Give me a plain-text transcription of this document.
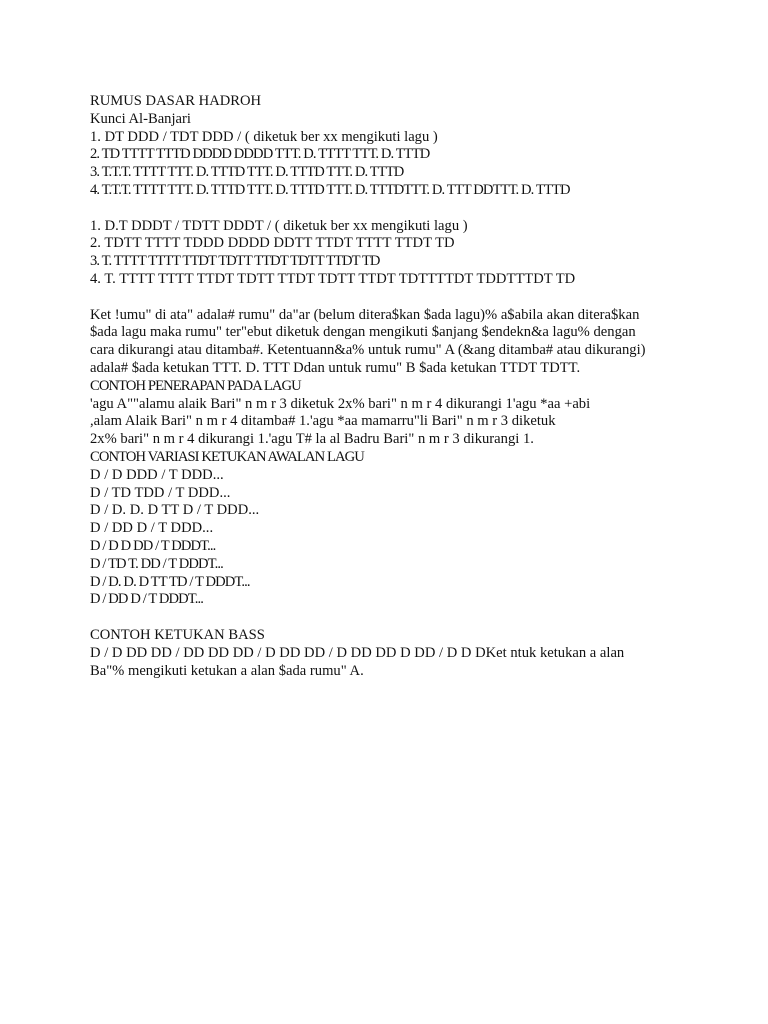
RUMUS DASAR HADROH
Kunci Al-Banjari
1. DT DDD / TDT DDD / ( diketuk ber xx mengikuti lagu )
2. TD TTTT TTTD DDDD DDDD TTT. D. TTTT TTT. D. TTTD
3. T.T.T. TTTT TTT. D. TTTD TTT. D. TTTD TTT. D. TTTD
4. T.T.T. TTTT TTT. D. TTTD TTT. D. TTTD TTT. D. TTTDTTT. D. TTT DDTTT. D. TTTD
1. D.T DDDT / TDTT DDDT / ( diketuk ber xx mengikuti lagu )
2. TDTT TTTT TDDD DDDD DDTT TTDT TTTT TTDT TD
3. T. TTTT TTTT TTDT TDTT TTDT TDTT TTDT TD
4. T. TTTT TTTT TTDT TDTT TTDT TDTT TTDT TDTTTTDT TDDTTTDT TD
Ket !umu" di ata" adala# rumu" da"ar (belum ditera$kan $ada lagu)% a$abila akan ditera$kan
$ada lagu maka rumu" ter"ebut diketuk dengan mengikuti $anjang $endekn&a lagu% dengan
cara dikurangi atau ditamba#. Ketentuann&a% untuk rumu" A (&ang ditamba# atau dikurangi)
adala# $ada ketukan TTT. D. TTT Ddan untuk rumu" B $ada ketukan TTDT TDTT.
CONTOH PENERAPAN PADA LAGU
'agu A""alamu alaik Bari" n m r 3 diketuk 2x% bari" n m r 4 dikurangi 1'agu *aa +abi
,alam Alaik Bari" n m r 4 ditamba# 1.'agu *aa mamarru"li Bari" n m r 3 diketuk
2x% bari" n m r 4 dikurangi 1.'agu T# la al Badru Bari" n m r 3 dikurangi 1.
CONTOH VARIASI KETUKAN AWALAN LAGU
D / D DDD / T DDD...
D / TD TDD / T DDD...
D / D. D. D TT D / T DDD...
D / DD D / T DDD...
D / D D DD / T DDDT...
D / TD T. DD / T DDDT...
D / D. D. D TT TD / T DDDT...
D / DD D / T DDDT...
CONTOH KETUKAN BASS
D / D DD DD / DD DD DD / D DD DD / D DD DD D DD / D D DKet ntuk ketukan a alan
Ba"% mengikuti ketukan a alan $ada rumu" A.
